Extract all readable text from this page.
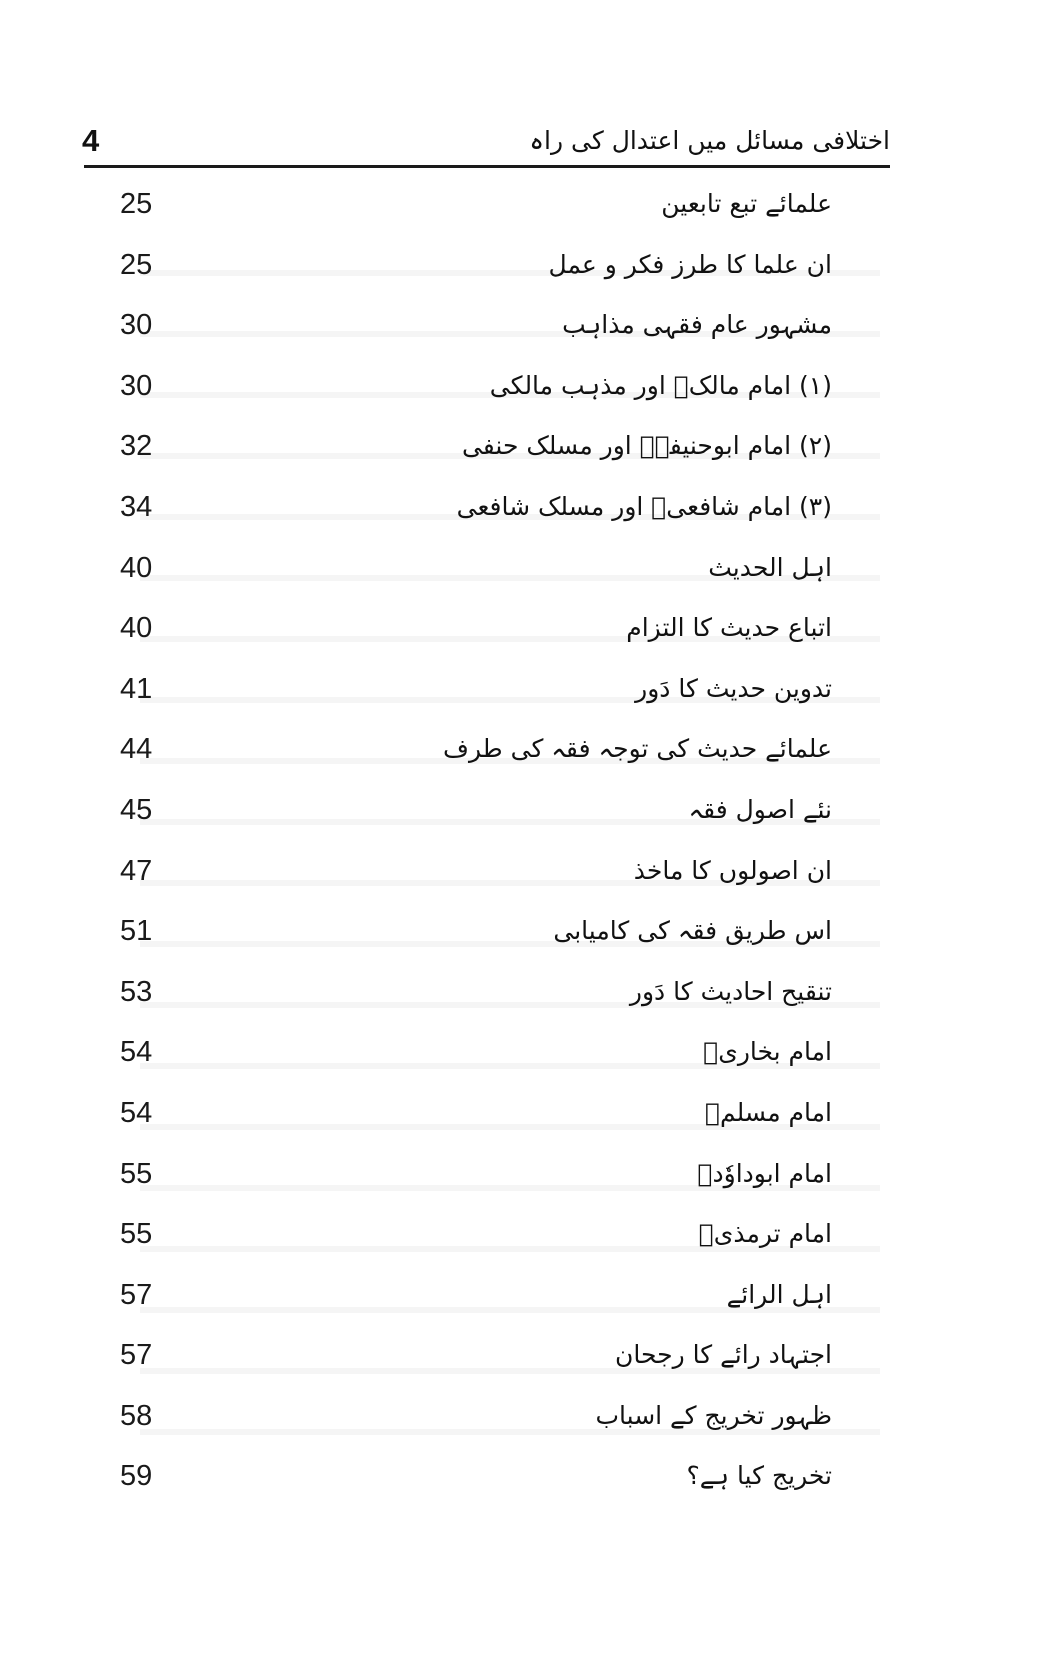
4	اختلافی مسائل میں اعتدال کی راہ
25	علمائے تبع تابعین
25	ان علما کا طرز فکر و عمل
30	مشہور عام فقہی مذاہب
30	(۱) امام مالکؒ اور مذہب مالکی
32	(۲) امام ابوحنیفہؒ اور مسلک حنفی
34	(۳) امام شافعیؒ اور مسلک شافعی
40	اہل الحدیث
40	اتباع حدیث کا التزام
41	تدوین حدیث کا دَور
44	علمائے حدیث کی توجہ فقہ کی طرف
45	نئے اصول فقہ
47	ان اصولوں کا ماخذ
51	اس طریق فقہ کی کامیابی
53	تنقیح احادیث کا دَور
54	امام بخاریؒ
54	امام مسلمؒ
55	امام ابوداوٗدؒ
55	امام ترمذیؒ
57	اہل الرائے
57	اجتہاد رائے کا رجحان
58	ظہور تخریج کے اسباب
59	تخریج کیا ہے؟
